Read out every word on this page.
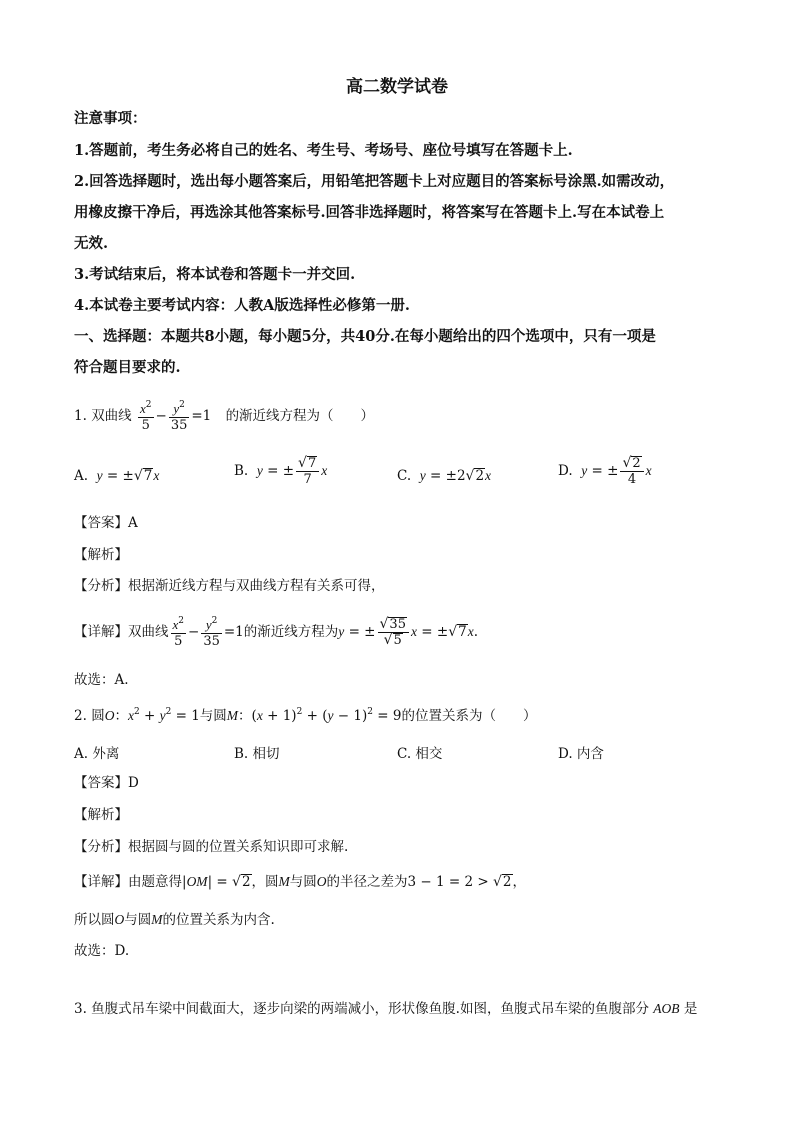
高二数学试卷
注意事项：
1.答题前，考生务必将自己的姓名、考生号、考场号、座位号填写在答题卡上.
2.回答选择题时，选出每小题答案后，用铅笔把答题卡上对应题目的答案标号涂黑.如需改动，
用橡皮擦干净后，再选涂其他答案标号.回答非选择题时，将答案写在答题卡上.写在本试卷上
无效.
3.考试结束后，将本试卷和答题卡一并交回.
4.本试卷主要考试内容：人教A版选择性必修第一册.
一、选择题：本题共8小题，每小题5分，共40分.在每小题给出的四个选项中，只有一项是
符合题目要求的.
1. 双曲线 $\frac{x^2}{5} - \frac{y^2}{35} =1$ 的渐近线方程为（　　）
A. y = ±√7x	B. y = ± $\frac{√7}{7}$ x	C. y = ±2√2x	D. y = ± $\frac{√2}{4}$ x
【答案】A
【解析】
【分析】根据渐近线方程与双曲线方程有关系可得，
【详解】双曲线 $\frac{x^2}{5} - \frac{y^2}{35} =1$的渐近线方程为y = ± $\frac{√35}{√5}$ x = ±√7x.
故选：A.
2. 圆O：$x^2 + y^2 = 1$与圆M：$(x + 1)^2 + (y - 1)^2 = 9$的位置关系为（　　）
A. 外离	B. 相切	C. 相交	D. 内含
【答案】D
【解析】
【分析】根据圆与圆的位置关系知识即可求解.
【详解】由题意得|OM| = √2，圆M与圆O的半径之差为3 − 1 = 2 > √2，
所以圆O与圆M的位置关系为内含.
故选：D.
3. 鱼腹式吊车梁中间截面大，逐步向梁的两端减小，形状像鱼腹.如图，鱼腹式吊车梁的鱼腹部分 AOB 是
